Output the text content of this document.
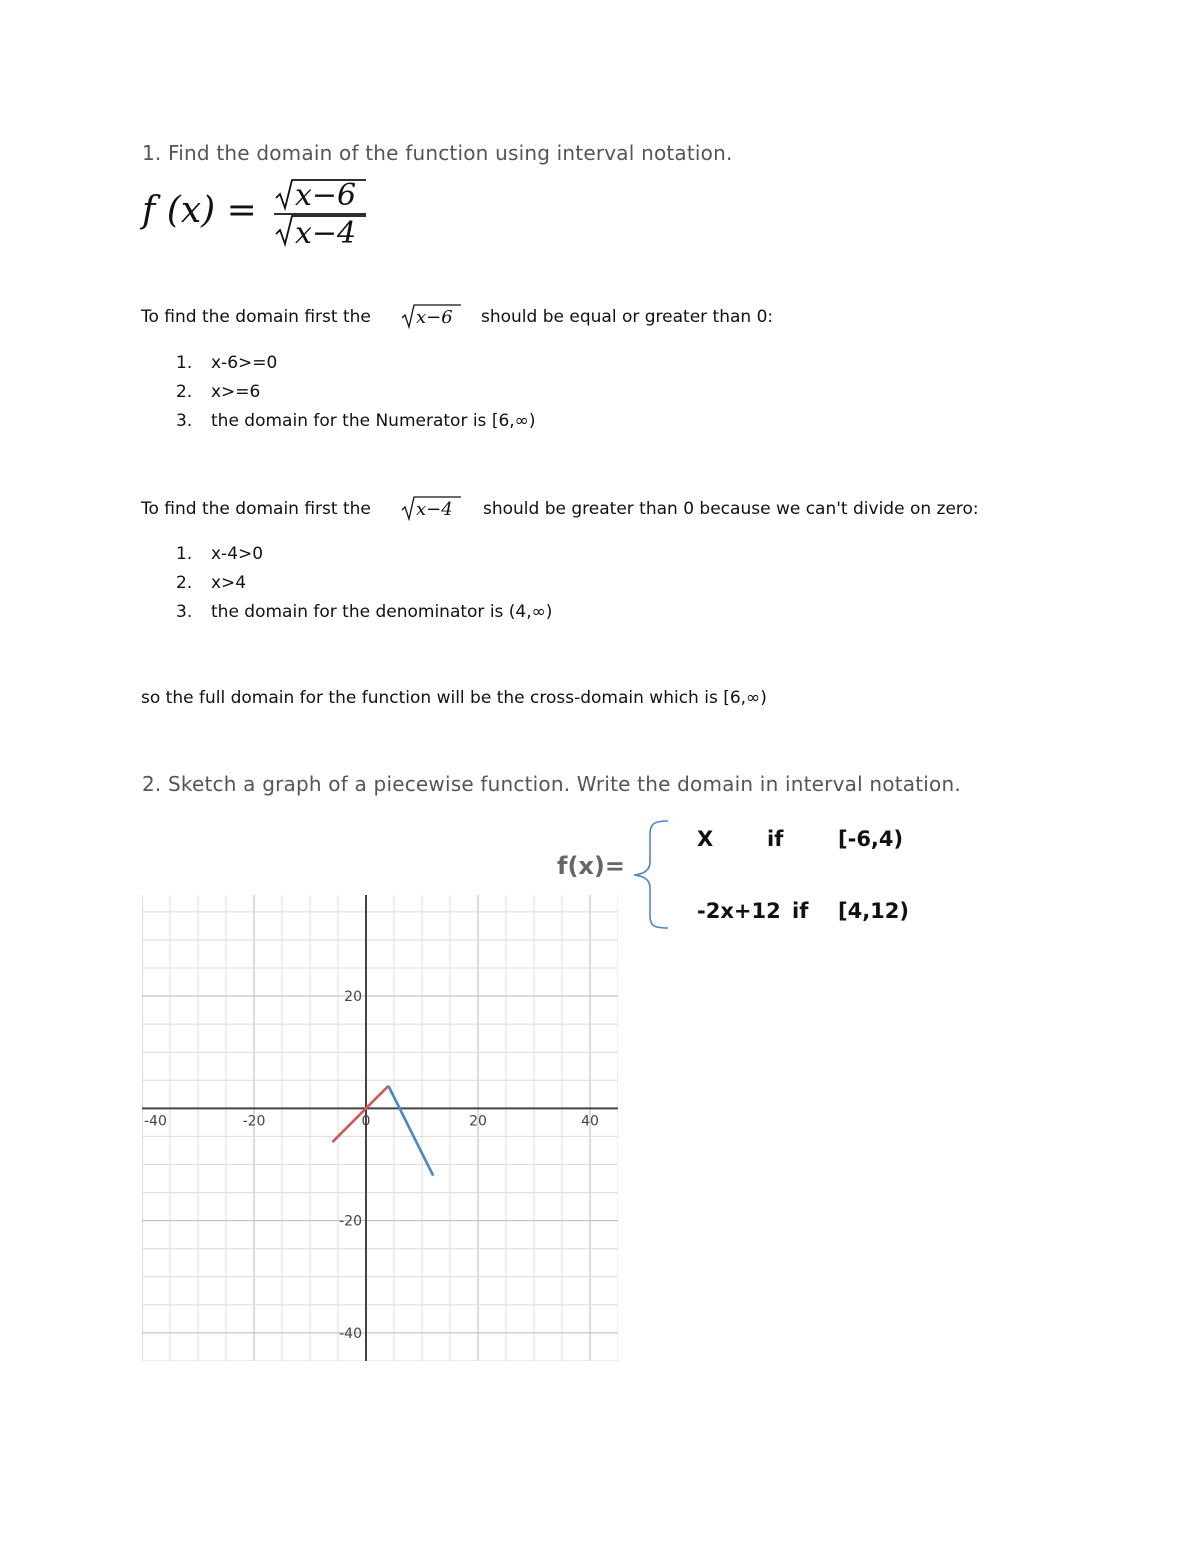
1. Find the domain of the function using interval notation.
f (x) = x−6
x−4
To find the domain first the	x−6 should be equal or greater than 0:
1. x-6>=0
2. x>=6
3. the domain for the Numerator is [6,∞)
To find the domain first the	x−4 should be greater than 0 because we can't divide on zero:
1. x-4>0
2. x>4
3. the domain for the denominator is (4,∞)
so the full domain for the function will be the cross-domain which is [6,∞)
2. Sketch a graph of a piecewise function. Write the domain in interval notation.
f(x)=
X	if	[-6,4)
-2x+12 if [4,12)
-40	-20	0	20	40
20
-20
-40
